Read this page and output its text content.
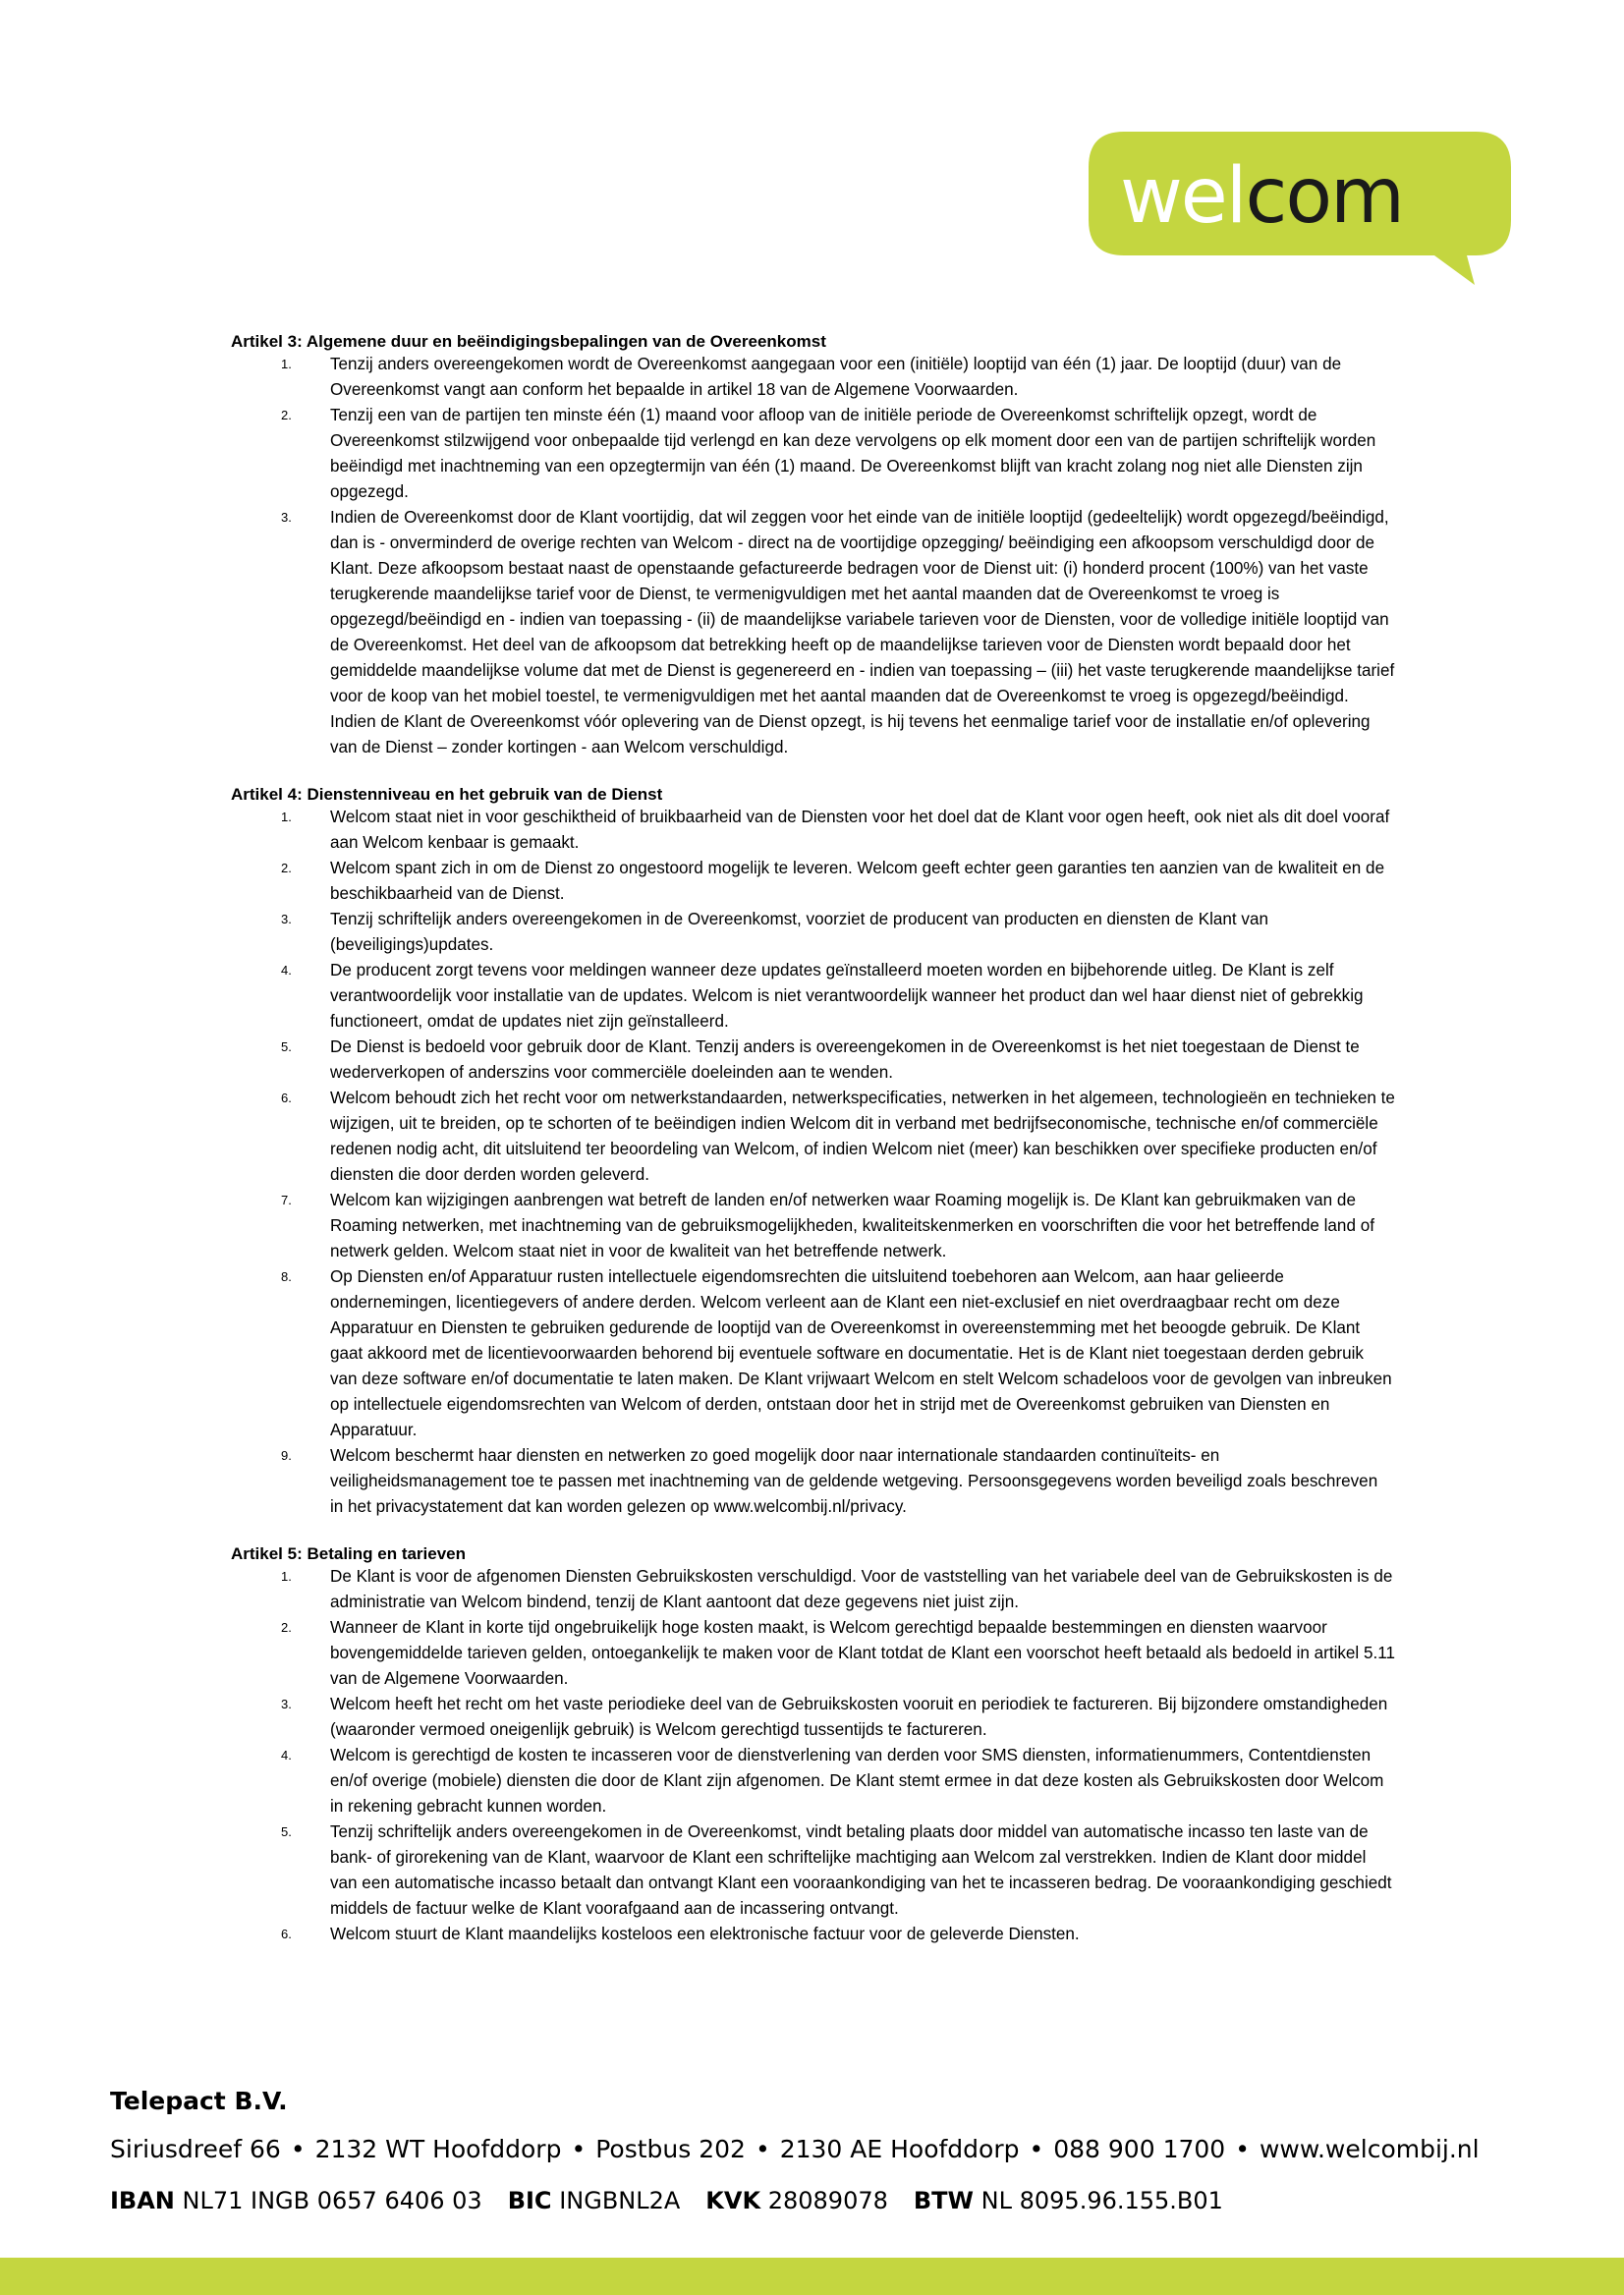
welcom

Artikel 3: Algemene duur en beëindigingsbepalingen van de Overeenkomst

1.	Tenzij anders overeengekomen wordt de Overeenkomst aangegaan voor een (initiële) looptijd van één (1) jaar. De looptijd (duur) van de Overeenkomst vangt aan conform het bepaalde in artikel 18 van de Algemene Voorwaarden.
2.	Tenzij een van de partijen ten minste één (1) maand voor afloop van de initiële periode de Overeenkomst schriftelijk opzegt, wordt de Overeenkomst stilzwijgend voor onbepaalde tijd verlengd en kan deze vervolgens op elk moment door een van de partijen schriftelijk worden beëindigd met inachtneming van een opzegtermijn van één (1) maand. De Overeenkomst blijft van kracht zolang nog niet alle Diensten zijn opgezegd.
3.	Indien de Overeenkomst door de Klant voortijdig, dat wil zeggen voor het einde van de initiële looptijd (gedeeltelijk) wordt opgezegd/beëindigd, dan is - onverminderd de overige rechten van Welcom - direct na de voortijdige opzegging/ beëindiging een afkoopsom verschuldigd door de Klant. Deze afkoopsom bestaat naast de openstaande gefactureerde bedragen voor de Dienst uit: (i) honderd procent (100%) van het vaste terugkerende maandelijkse tarief voor de Dienst, te vermenigvuldigen met het aantal maanden dat de Overeenkomst te vroeg is opgezegd/beëindigd en - indien van toepassing - (ii) de maandelijkse variabele tarieven voor de Diensten, voor de volledige initiële looptijd van de Overeenkomst. Het deel van de afkoopsom dat betrekking heeft op de maandelijkse tarieven voor de Diensten wordt bepaald door het gemiddelde maandelijkse volume dat met de Dienst is gegenereerd en - indien van toepassing – (iii) het vaste terugkerende maandelijkse tarief voor de koop van het mobiel toestel, te vermenigvuldigen met het aantal maanden dat de Overeenkomst te vroeg is opgezegd/beëindigd. Indien de Klant de Overeenkomst vóór oplevering van de Dienst opzegt, is hij tevens het eenmalige tarief voor de installatie en/of oplevering van de Dienst – zonder kortingen - aan Welcom verschuldigd.

Artikel 4: Dienstenniveau en het gebruik van de Dienst

1.	Welcom staat niet in voor geschiktheid of bruikbaarheid van de Diensten voor het doel dat de Klant voor ogen heeft, ook niet als dit doel vooraf aan Welcom kenbaar is gemaakt.
2.	Welcom spant zich in om de Dienst zo ongestoord mogelijk te leveren. Welcom geeft echter geen garanties ten aanzien van de kwaliteit en de beschikbaarheid van de Dienst.
3.	Tenzij schriftelijk anders overeengekomen in de Overeenkomst, voorziet de producent van producten en diensten de Klant van (beveiligings)updates.
4.	De producent zorgt tevens voor meldingen wanneer deze updates geïnstalleerd moeten worden en bijbehorende uitleg. De Klant is zelf verantwoordelijk voor installatie van de updates. Welcom is niet verantwoordelijk wanneer het product dan wel haar dienst niet of gebrekkig functioneert, omdat de updates niet zijn geïnstalleerd.
5.	De Dienst is bedoeld voor gebruik door de Klant. Tenzij anders is overeengekomen in de Overeenkomst is het niet toegestaan de Dienst te wederverkopen of anderszins voor commerciële doeleinden aan te wenden.
6.	Welcom behoudt zich het recht voor om netwerkstandaarden, netwerkspecificaties, netwerken in het algemeen, technologieën en technieken te wijzigen, uit te breiden, op te schorten of te beëindigen indien Welcom dit in verband met bedrijfseconomische, technische en/of commerciële redenen nodig acht, dit uitsluitend ter beoordeling van Welcom, of indien Welcom niet (meer) kan beschikken over specifieke producten en/of diensten die door derden worden geleverd.
7.	Welcom kan wijzigingen aanbrengen wat betreft de landen en/of netwerken waar Roaming mogelijk is. De Klant kan gebruikmaken van de Roaming netwerken, met inachtneming van de gebruiksmogelijkheden, kwaliteitskenmerken en voorschriften die voor het betreffende land of netwerk gelden. Welcom staat niet in voor de kwaliteit van het betreffende netwerk.
8.	Op Diensten en/of Apparatuur rusten intellectuele eigendomsrechten die uitsluitend toebehoren aan Welcom, aan haar gelieerde ondernemingen, licentiegevers of andere derden. Welcom verleent aan de Klant een niet-exclusief en niet overdraagbaar recht om deze Apparatuur en Diensten te gebruiken gedurende de looptijd van de Overeenkomst in overeenstemming met het beoogde gebruik. De Klant gaat akkoord met de licentievoorwaarden behorend bij eventuele software en documentatie. Het is de Klant niet toegestaan derden gebruik van deze software en/of documentatie te laten maken. De Klant vrijwaart Welcom en stelt Welcom schadeloos voor de gevolgen van inbreuken op intellectuele eigendomsrechten van Welcom of derden, ontstaan door het in strijd met de Overeenkomst gebruiken van Diensten en Apparatuur.
9.	Welcom beschermt haar diensten en netwerken zo goed mogelijk door naar internationale standaarden continuïteits- en veiligheidsmanagement toe te passen met inachtneming van de geldende wetgeving. Persoonsgegevens worden beveiligd zoals beschreven in het privacystatement dat kan worden gelezen op www.welcombij.nl/privacy.

Artikel 5: Betaling en tarieven

1.	De Klant is voor de afgenomen Diensten Gebruikskosten verschuldigd. Voor de vaststelling van het variabele deel van de Gebruikskosten is de administratie van Welcom bindend, tenzij de Klant aantoont dat deze gegevens niet juist zijn.
2.	Wanneer de Klant in korte tijd ongebruikelijk hoge kosten maakt, is Welcom gerechtigd bepaalde bestemmingen en diensten waarvoor bovengemiddelde tarieven gelden, ontoegankelijk te maken voor de Klant totdat de Klant een voorschot heeft betaald als bedoeld in artikel 5.11 van de Algemene Voorwaarden.
3.	Welcom heeft het recht om het vaste periodieke deel van de Gebruikskosten vooruit en periodiek te factureren. Bij bijzondere omstandigheden (waaronder vermoed oneigenlijk gebruik) is Welcom gerechtigd tussentijds te factureren.
4.	Welcom is gerechtigd de kosten te incasseren voor de dienstverlening van derden voor SMS diensten, informatienummers, Contentdiensten en/of overige (mobiele) diensten die door de Klant zijn afgenomen. De Klant stemt ermee in dat deze kosten als Gebruikskosten door Welcom in rekening gebracht kunnen worden.
5.	Tenzij schriftelijk anders overeengekomen in de Overeenkomst, vindt betaling plaats door middel van automatische incasso ten laste van de bank- of girorekening van de Klant, waarvoor de Klant een schriftelijke machtiging aan Welcom zal verstrekken. Indien de Klant door middel van een automatische incasso betaalt dan ontvangt Klant een vooraankondiging van het te incasseren bedrag. De vooraankondiging geschiedt middels de factuur welke de Klant voorafgaand aan de incassering ontvangt.
6.	Welcom stuurt de Klant maandelijks kosteloos een elektronische factuur voor de geleverde Diensten.

Telepact B.V.

Siriusdreef 66 • 2132 WT Hoofddorp • Postbus 202 • 2130 AE Hoofddorp • 088 900 1700 • www.welcombij.nl

IBAN NL71 INGB 0657 6406 03 BIC INGBNL2A KVK 28089078 BTW NL 8095.96.155.B01
